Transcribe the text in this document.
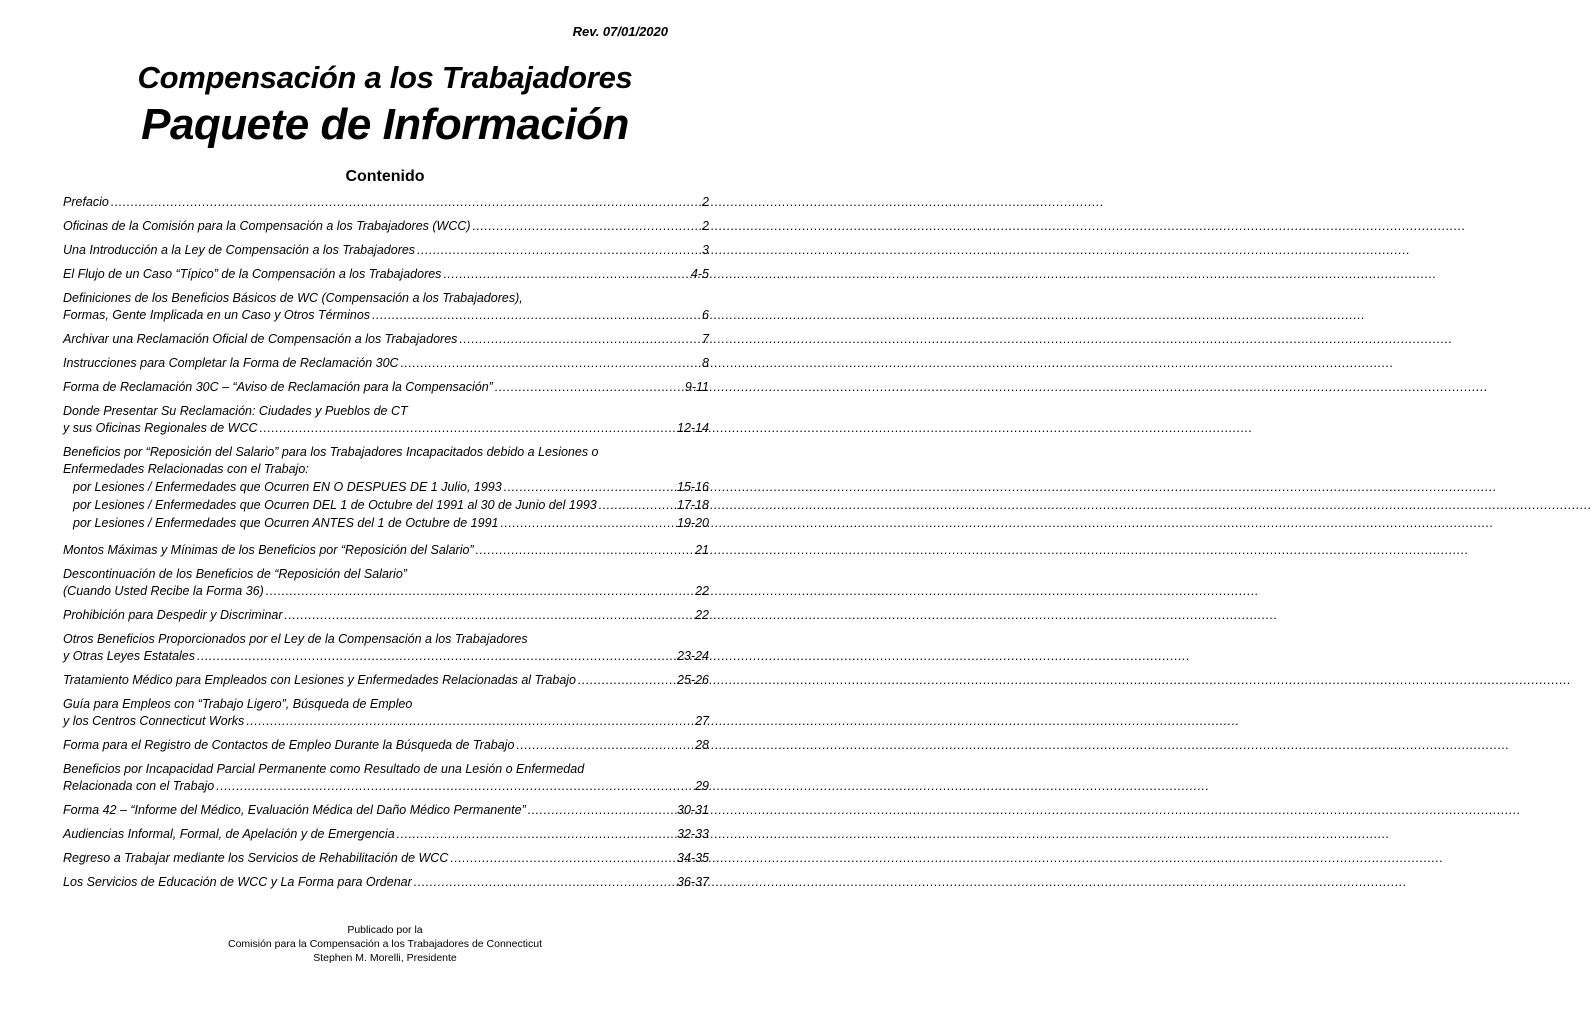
Rev. 07/01/2020
Compensación a los Trabajadores
Paquete de Información
Contenido
Prefacio .....	2
Oficinas de la Comisión para la Compensación a los Trabajadores (WCC) .....	2
Una Introducción a la Ley de Compensación a los Trabajadores .....	3
El Flujo de un Caso “Típico” de la Compensación a los Trabajadores .....	4-5
Definiciones de los Beneficios Básicos de WC (Compensación a los Trabajadores),
Formas, Gente Implicada en un Caso y Otros Términos .....	6
Archivar una Reclamación Oficial de Compensación a los Trabajadores .....	7
Instrucciones para Completar la Forma de Reclamación 30C .....	8
Forma de Reclamación 30C – “Aviso de Reclamación para la Compensación” .....	9-11
Donde Presentar Su Reclamación: Ciudades y Pueblos de CT
y sus Oficinas Regionales de WCC .....	12-14
Beneficios por “Reposición del Salario” para los Trabajadores Incapacitados debido a Lesiones o
Enfermedades Relacionadas con el Trabajo:
por Lesiones / Enfermedades que Ocurren EN O DESPUES DE 1 Julio, 1993 .....	15-16
por Lesiones / Enfermedades que Ocurren DEL 1 de Octubre del 1991 al 30 de Junio del 1993 .....	17-18
por Lesiones / Enfermedades que Ocurren ANTES del 1 de Octubre de 1991 .....	19-20
Montos Máximas y Mínimas de los Beneficios por “Reposición del Salario” .....	21
Descontinuación de los Beneficios de “Reposición del Salario”
(Cuando Usted Recibe la Forma 36) .....	22
Prohibición para Despedir y Discriminar .....	22
Otros Beneficios Proporcionados por el Ley de la Compensación a los Trabajadores
y Otras Leyes Estatales .....	23-24
Tratamiento Médico para Empleados con Lesiones y Enfermedades Relacionadas al Trabajo .....	25-26
Guía para Empleos con “Trabajo Ligero”, Búsqueda de Empleo
y los Centros Connecticut Works .....	27
Forma para el Registro de Contactos de Empleo Durante la Búsqueda de Trabajo .....	28
Beneficios por Incapacidad Parcial Permanente como Resultado de una Lesión o Enfermedad
Relacionada con el Trabajo .....	29
Forma 42 – “Informe del Médico, Evaluación Médica del Daño Médico Permanente” .....	30-31
Audiencias Informal, Formal, de Apelación y de Emergencia .....	32-33
Regreso a Trabajar mediante los Servicios de Rehabilitación de WCC .....	34-35
Los Servicios de Educación de WCC y La Forma para Ordenar .....	36-37
Publicado por la
Comisión para la Compensación a los Trabajadores de Connecticut
Stephen M. Morelli, Presidente
